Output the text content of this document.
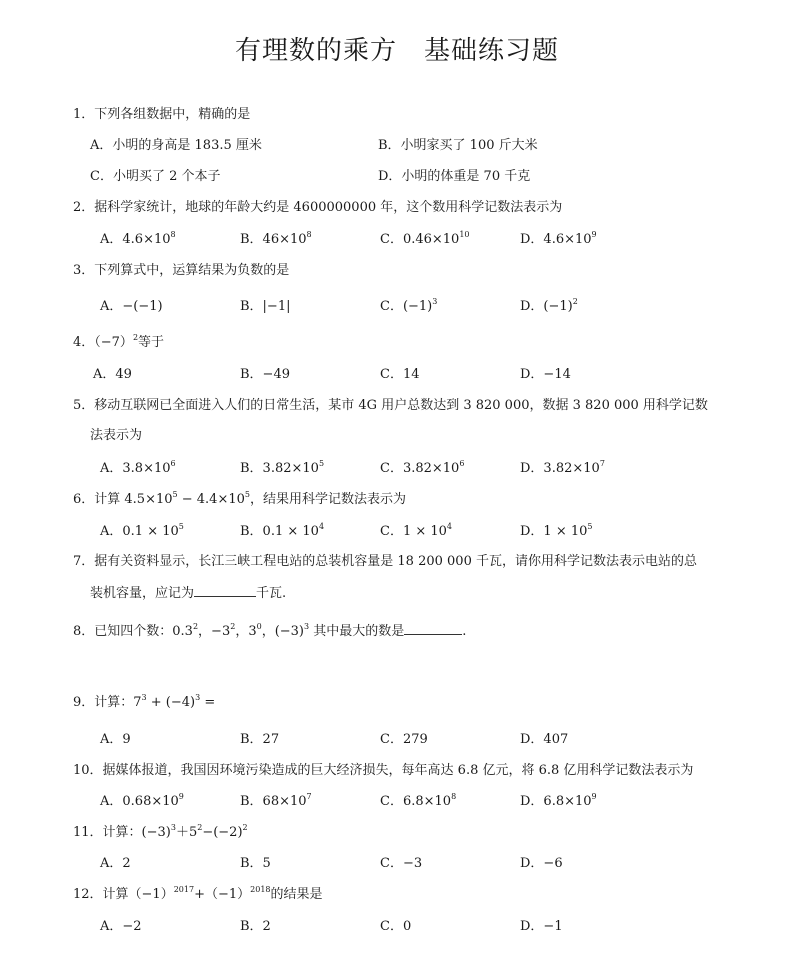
有理数的乘方　基础练习题
1．下列各组数据中，精确的是
A．小明的身高是 183.5 厘米	B．小明家买了 100 斤大米
C．小明买了 2 个本子	D．小明的体重是 70 千克
2．据科学家统计，地球的年龄大约是 4600000000 年，这个数用科学记数法表示为
A．$4.6\times 10^8$	B．$46\times 10^8$	C．$0.46\times 10^{10}$	D．$4.6\times 10^9$
3．下列算式中，运算结果为负数的是
A．−(−1)	B．|−1|	C．$(-1)^3$	D．$(-1)^2$
4．$(-7)^2$等于
A．49	B．−49	C．14	D．−14
5．移动互联网已全面进入人们的日常生活，某市 4G 用户总数达到 3 820 000，数据 3 820 000 用科学记数
法表示为
A．$3.8\times 10^6$	B．$3.82\times 10^5$	C．$3.82\times 10^6$	D．$3.82\times 10^7$
6．计算 $4.5\times 10^5 - 4.4\times 10^5$，结果用科学记数法表示为
A．$0.1 \times 10^5$	B．$0.1 \times 10^4$	C．$1 \times 10^4$	D．$1 \times 10^5$
7．据有关资料显示，长江三峡工程电站的总装机容量是 18 200 000 千瓦，请你用科学记数法表示电站的总
装机容量，应记为	千瓦.
8．已知四个数：$0.3^2$，$-3^2$，$3^0$，$(-3)^3$ 其中最大的数是	.
9．计算：$7^3 + (-4)^3$ =
A．9	B．27	C．279	D．407
10．据媒体报道，我国因环境污染造成的巨大经济损失，每年高达 6.8 亿元，将 6.8 亿用科学记数法表示为
A．$0.68\times 10^9$	B．$68\times 10^7$	C．$6.8\times 10^8$	D．$6.8\times 10^9$
11．计算：$(-3)^3+5^2-(-2)^2$
A．2	B．5	C．−3	D．−6
12．计算$(-1)^{2017}+(-1)^{2018}$的结果是
A．−2	B．2	C．0	D．−1
